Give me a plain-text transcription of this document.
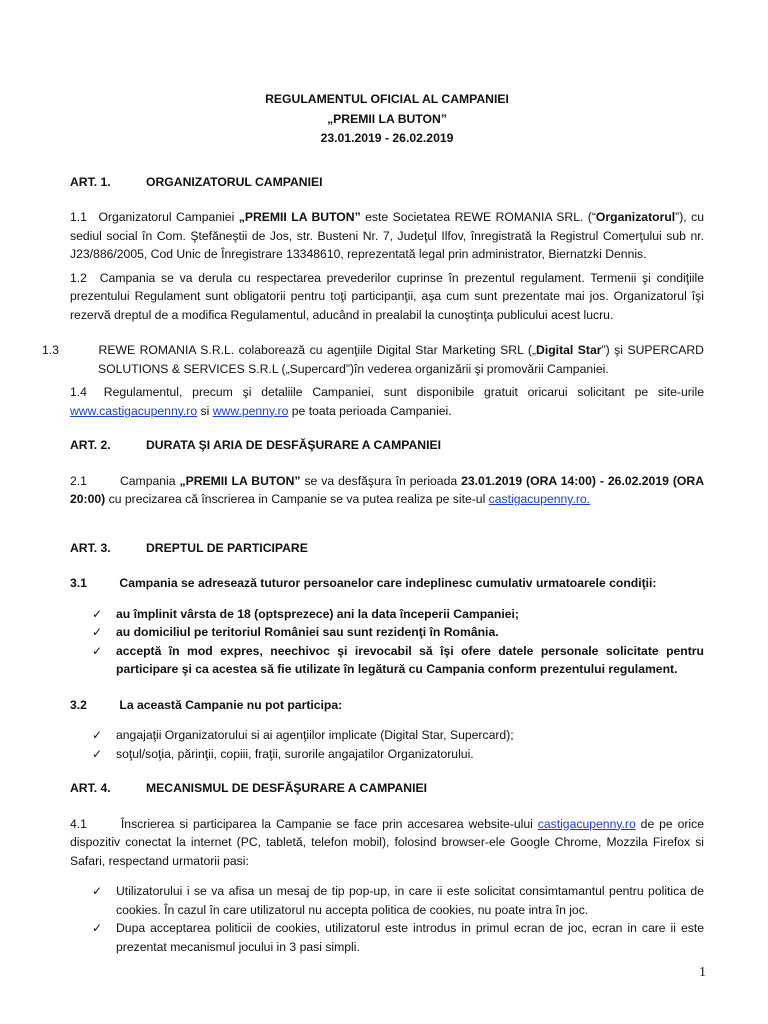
REGULAMENTUL OFICIAL AL CAMPANIEI
„PREMII LA BUTON”
23.01.2019 - 26.02.2019
ART. 1.	ORGANIZATORUL CAMPANIEI
1.1 Organizatorul Campaniei „PREMII LA BUTON” este Societatea REWE ROMANIA SRL. (“Organizatorul”), cu sediul social în Com. Ştefăneştii de Jos, str. Busteni Nr. 7, Judeţul Ilfov, înregistrată la Registrul Comerţului sub nr. J23/886/2005, Cod Unic de Înregistrare 13348610, reprezentată legal prin administrator, Biernatzki Dennis.
1.2 Campania se va derula cu respectarea prevederilor cuprinse în prezentul regulament. Termenii şi condiţiile prezentului Regulament sunt obligatorii pentru toţi participanţii, aşa cum sunt prezentate mai jos. Organizatorul îşi rezervă dreptul de a modifica Regulamentul, aducând in prealabil la cunoştinţa publicului acest lucru.
1.3	REWE ROMANIA S.R.L. colaborează cu agenţiile Digital Star Marketing SRL („Digital Star”) şi SUPERCARD SOLUTIONS & SERVICES S.R.L („Supercard”)în vederea organizării şi promovării Campaniei.
1.4 Regulamentul, precum şi detaliile Campaniei, sunt disponibile gratuit oricarui solicitant pe site-urile www.castigacupenny.ro si www.penny.ro pe toata perioada Campaniei.
ART. 2.	DURATA ŞI ARIA DE DESFĂŞURARE A CAMPANIEI
2.1	Campania „PREMII LA BUTON” se va desfăşura în perioada 23.01.2019 (ORA 14:00) - 26.02.2019 (ORA 20:00) cu precizarea că înscrierea in Campanie se va putea realiza pe site-ul castigacupenny.ro.
ART. 3.	DREPTUL DE PARTICIPARE
3.1	Campania se adresează tuturor persoanelor care indeplinesc cumulativ urmatoarele condiţii:
✓ au împlinit vârsta de 18 (optsprezece) ani la data începerii Campaniei;
✓ au domiciliul pe teritoriul României sau sunt rezidenţi în România.
✓ acceptă în mod expres, neechivoc şi irevocabil să îşi ofere datele personale solicitate pentru participare şi ca acestea să fie utilizate în legătură cu Campania conform prezentului regulament.
3.2	La această Campanie nu pot participa:
✓ angajaţii Organizatorului si ai agenţiilor implicate (Digital Star, Supercard);
✓ soţul/soţia, părinţii, copiii, fraţii, surorile angajatilor Organizatorului.
ART. 4.	MECANISMUL DE DESFĂŞURARE A CAMPANIEI
4.1	Înscrierea si participarea la Campanie se face prin accesarea website-ului castigacupenny.ro de pe orice dispozitiv conectat la internet (PC, tabletă, telefon mobil), folosind browser-ele Google Chrome, Mozzila Firefox si Safari, respectand urmatorii pasi:
✓ Utilizatorului i se va afisa un mesaj de tip pop-up, in care ii este solicitat consimtamantul pentru politica de cookies. În cazul în care utilizatorul nu accepta politica de cookies, nu poate intra în joc.
✓ Dupa acceptarea politicii de cookies, utilizatorul este introdus in primul ecran de joc, ecran in care ii este prezentat mecanismul jocului in 3 pasi simpli.
1
